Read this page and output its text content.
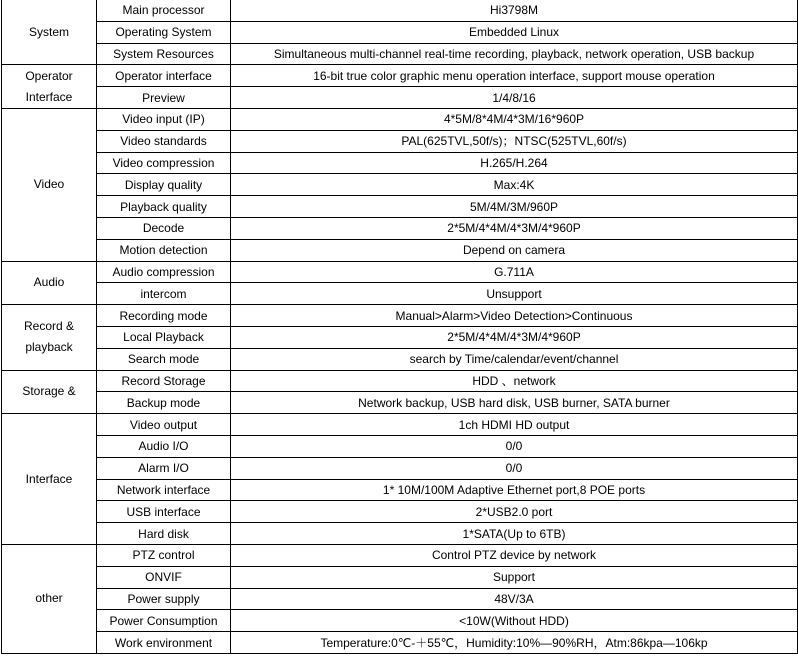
System	Main processor	Hi3798M
	Operating System	Embedded Linux
	System Resources	Simultaneous multi-channel real-time recording, playback, network operation, USB backup
Operator Interface	Operator interface	16-bit true color graphic menu operation interface, support mouse operation
	Preview	1/4/8/16
Video	Video input (IP)	4*5M/8*4M/4*3M/16*960P
	Video standards	PAL(625TVL,50f/s)；NTSC(525TVL,60f/s)
	Video compression	H.265/H.264
	Display quality	Max:4K
	Playback quality	5M/4M/3M/960P
	Decode	2*5M/4*4M/4*3M/4*960P
	Motion detection	Depend on camera
Audio	Audio compression	G.711A
	intercom	Unsupport
Record & playback	Recording mode	Manual>Alarm>Video Detection>Continuous
	Local Playback	2*5M/4*4M/4*3M/4*960P
	Search mode	search by Time/calendar/event/channel
Storage &	Record Storage	HDD 、network
	Backup mode	Network backup, USB hard disk, USB burner, SATA burner
Interface	Video output	1ch HDMI HD output
	Audio I/O	0/0
	Alarm I/O	0/0
	Network interface	1* 10M/100M Adaptive Ethernet port,8 POE ports
	USB interface	2*USB2.0 port
	Hard disk	1*SATA(Up to 6TB)
other	PTZ control	Control PTZ device by network
	ONVIF	Support
	Power supply	48V/3A
	Power Consumption	<10W(Without HDD)
	Work environment	Temperature:0℃-＋55℃，Humidity:10%—90%RH，Atm:86kpa—106kp
